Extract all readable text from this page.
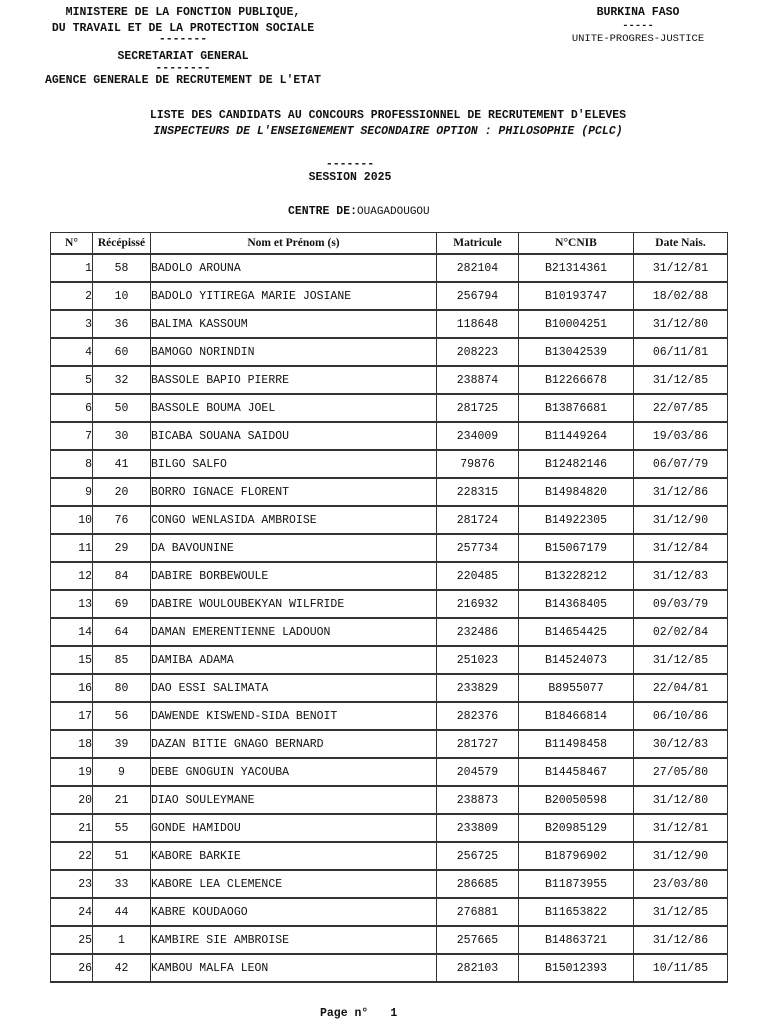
MINISTERE DE LA FONCTION PUBLIQUE,
DU TRAVAIL ET DE LA PROTECTION SOCIALE
-------
SECRETARIAT GENERAL
--------
AGENCE GENERALE DE RECRUTEMENT DE L'ETAT
BURKINA FASO
-----
UNITE-PROGRES-JUSTICE
LISTE DES CANDIDATS AU CONCOURS PROFESSIONNEL DE RECRUTEMENT D'ELEVES
INSPECTEURS DE L'ENSEIGNEMENT SECONDAIRE OPTION : PHILOSOPHIE (PCLC)
-------
SESSION 2025
CENTRE DE:OUAGADOUGOU
N°	Récépissé	Nom et Prénom (s)	Matricule	N°CNIB	Date Nais.
1	58	BADOLO AROUNA	282104	B21314361	31/12/81
2	10	BADOLO YITIREGA MARIE JOSIANE	256794	B10193747	18/02/88
3	36	BALIMA KASSOUM	118648	B10004251	31/12/80
4	60	BAMOGO NORINDIN	208223	B13042539	06/11/81
5	32	BASSOLE BAPIO PIERRE	238874	B12266678	31/12/85
6	50	BASSOLE BOUMA JOEL	281725	B13876681	22/07/85
7	30	BICABA SOUANA SAIDOU	234009	B11449264	19/03/86
8	41	BILGO SALFO	79876	B12482146	06/07/79
9	20	BORRO IGNACE FLORENT	228315	B14984820	31/12/86
10	76	CONGO WENLASIDA AMBROISE	281724	B14922305	31/12/90
11	29	DA BAVOUNINE	257734	B15067179	31/12/84
12	84	DABIRE BORBEWOULE	220485	B13228212	31/12/83
13	69	DABIRE WOULOUBEKYAN WILFRIDE	216932	B14368405	09/03/79
14	64	DAMAN EMERENTIENNE LADOUON	232486	B14654425	02/02/84
15	85	DAMIBA ADAMA	251023	B14524073	31/12/85
16	80	DAO ESSI SALIMATA	233829	B8955077	22/04/81
17	56	DAWENDE KISWEND-SIDA BENOIT	282376	B18466814	06/10/86
18	39	DAZAN BITIE GNAGO BERNARD	281727	B11498458	30/12/83
19	9	DEBE GNOGUIN YACOUBA	204579	B14458467	27/05/80
20	21	DIAO SOULEYMANE	238873	B20050598	31/12/80
21	55	GONDE HAMIDOU	233809	B20985129	31/12/81
22	51	KABORE BARKIE	256725	B18796902	31/12/90
23	33	KABORE LEA CLEMENCE	286685	B11873955	23/03/80
24	44	KABRE KOUDAOGO	276881	B11653822	31/12/85
25	1	KAMBIRE SIE AMBROISE	257665	B14863721	31/12/86
26	42	KAMBOU MALFA LEON	282103	B15012393	10/11/85
Page n° 1
